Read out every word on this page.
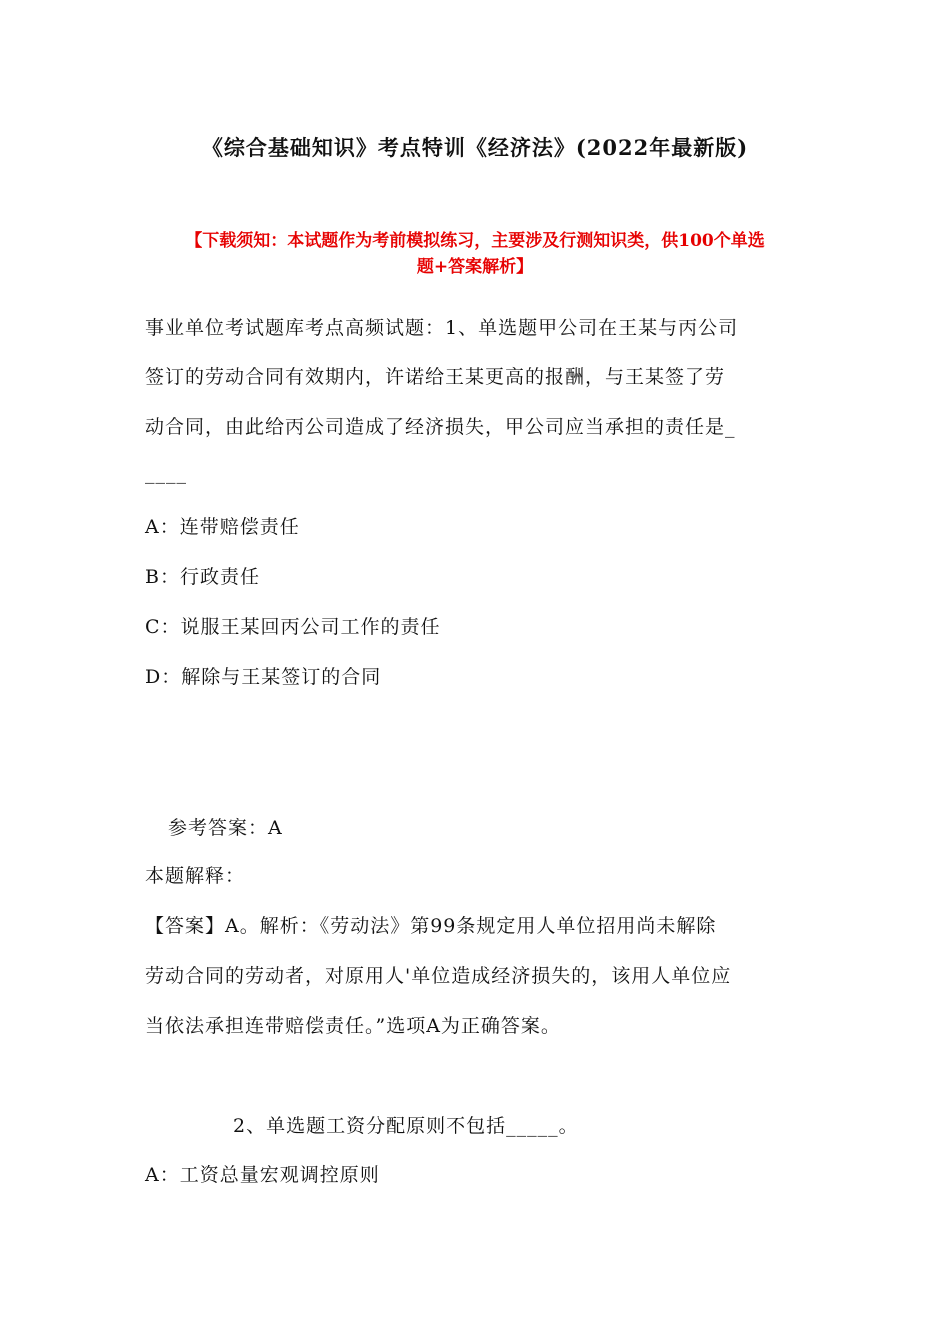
《综合基础知识》考点特训《经济法》(2022年最新版)
【下载须知：本试题作为考前模拟练习，主要涉及行测知识类，供100个单选
题+答案解析】
事业单位考试题库考点高频试题：1、单选题甲公司在王某与丙公司
签订的劳动合同有效期内，许诺给王某更高的报酬，与王某签了劳
动合同，由此给丙公司造成了经济损失，甲公司应当承担的责任是_
____
A：连带赔偿责任
B：行政责任
C：说服王某回丙公司工作的责任
D：解除与王某签订的合同
参考答案：A
本题解释：
【答案】A。解析：《劳动法》第99条规定用人单位招用尚未解除
劳动合同的劳动者，对原用人'单位造成经济损失的，该用人单位应
当依法承担连带赔偿责任。”选项A为正确答案。
2、单选题工资分配原则不包括_____。
A：工资总量宏观调控原则
